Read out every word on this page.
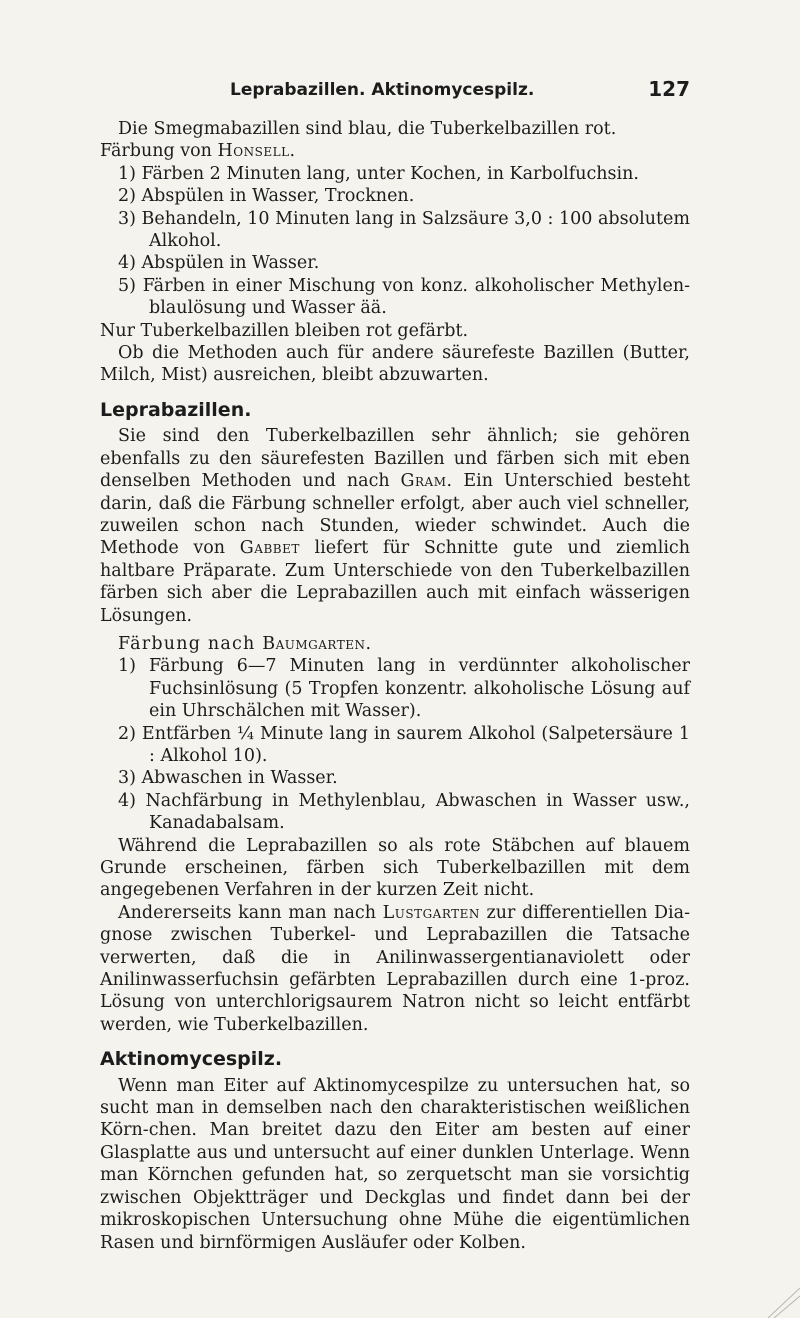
Leprabazillen. Aktinomycespilz.	127

Die Smegmabazillen sind blau, die Tuberkelbazillen rot.

Färbung von Honsell.

1) Färben 2 Minuten lang, unter Kochen, in Karbolfuchsin.

2) Abspülen in Wasser, Trocknen.

3) Behandeln, 10 Minuten lang in Salzsäure 3,0 : 100 absolutem Alkohol.

4) Abspülen in Wasser.

5) Färben in einer Mischung von konz. alkoholischer Methylen-blaulösung und Wasser ää.

Nur Tuberkelbazillen bleiben rot gefärbt.

Ob die Methoden auch für andere säurefeste Bazillen (Butter, Milch, Mist) ausreichen, bleibt abzuwarten.

Leprabazillen.

Sie sind den Tuberkelbazillen sehr ähnlich; sie gehören ebenfalls zu den säurefesten Bazillen und färben sich mit eben denselben Methoden und nach Gram. Ein Unterschied besteht darin, daß die Färbung schneller erfolgt, aber auch viel schneller, zuweilen schon nach Stunden, wieder schwindet. Auch die Methode von Gabbet liefert für Schnitte gute und ziemlich haltbare Präparate. Zum Unterschiede von den Tuberkelbazillen färben sich aber die Leprabazillen auch mit einfach wässerigen Lösungen.

Färbung nach Baumgarten.

1) Färbung 6—7 Minuten lang in verdünnter alkoholischer Fuchsinlösung (5 Tropfen konzentr. alkoholische Lösung auf ein Uhrschälchen mit Wasser).

2) Entfärben ¼ Minute lang in saurem Alkohol (Salpetersäure 1 : Alkohol 10).

3) Abwaschen in Wasser.

4) Nachfärbung in Methylenblau, Abwaschen in Wasser usw., Kanadabalsam.

Während die Leprabazillen so als rote Stäbchen auf blauem Grunde erscheinen, färben sich Tuberkelbazillen mit dem angegebenen Verfahren in der kurzen Zeit nicht.

Andererseits kann man nach Lustgarten zur differentiellen Dia-gnose zwischen Tuberkel- und Leprabazillen die Tatsache verwerten, daß die in Anilinwassergentianaviolett oder Anilinwasserfuchsin gefärbten Leprabazillen durch eine 1-proz. Lösung von unterchlorigsaurem Natron nicht so leicht entfärbt werden, wie Tuberkelbazillen.

Aktinomycespilz.

Wenn man Eiter auf Aktinomycespilze zu untersuchen hat, so sucht man in demselben nach den charakteristischen weißlichen Körn-chen. Man breitet dazu den Eiter am besten auf einer Glasplatte aus und untersucht auf einer dunklen Unterlage. Wenn man Körnchen gefunden hat, so zerquetscht man sie vorsichtig zwischen Objektträger und Deckglas und findet dann bei der mikroskopischen Untersuchung ohne Mühe die eigentümlichen Rasen und birnförmigen Ausläufer oder Kolben.
